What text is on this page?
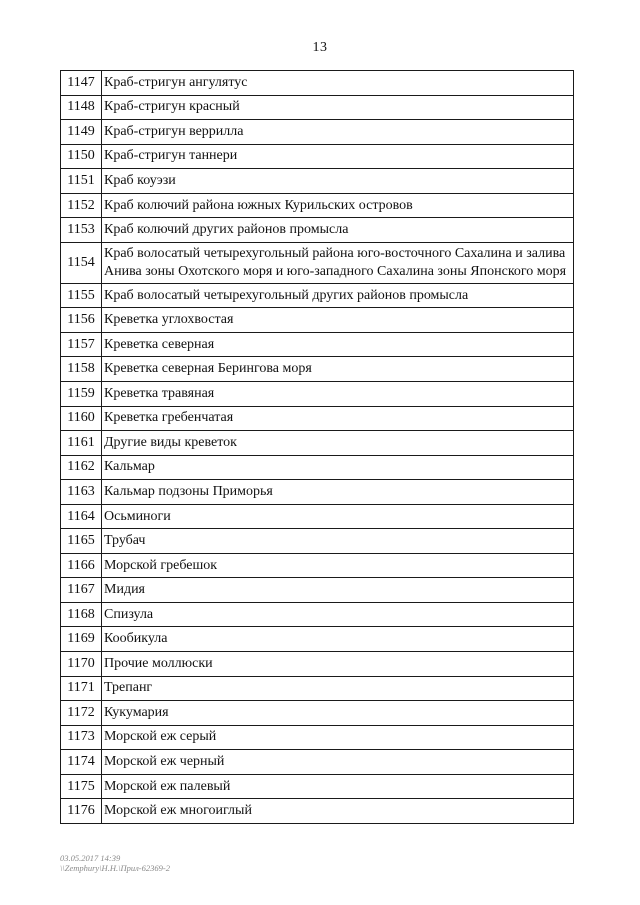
13
1147	Краб-стригун ангулятус
1148	Краб-стригун красный
1149	Краб-стригун веррилла
1150	Краб-стригун таннери
1151	Краб коуэзи
1152	Краб колючий района южных Курильских островов
1153	Краб колючий других районов промысла
1154	Краб волосатый четырехугольный района юго-восточного Сахалина и залива Анива зоны Охотского моря и юго-западного Сахалина зоны Японского моря
1155	Краб волосатый четырехугольный других районов промысла
1156	Креветка углохвостая
1157	Креветка северная
1158	Креветка северная Берингова моря
1159	Креветка травяная
1160	Креветка гребенчатая
1161	Другие виды креветок
1162	Кальмар
1163	Кальмар подзоны Приморья
1164	Осьминоги
1165	Трубач
1166	Морской гребешок
1167	Мидия
1168	Спизула
1169	Кообикула
1170	Прочие моллюски
1171	Трепанг
1172	Кукумария
1173	Морской еж серый
1174	Морской еж черный
1175	Морской еж палевый
1176	Морской еж многоиглый
03.05.2017 14:39
\\Zemphury\H.H.\Прил-62369-2
